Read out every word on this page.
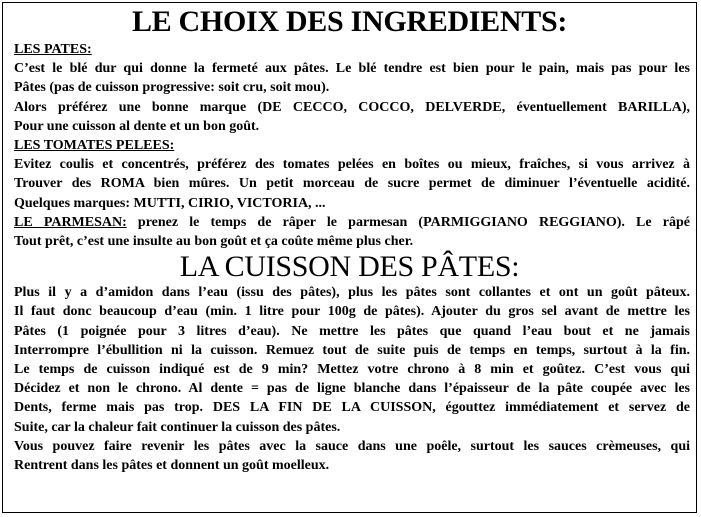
LE CHOIX DES INGREDIENTS:
LES PATES:
C’est le blé dur qui donne la fermeté aux pâtes. Le blé tendre est bien pour le pain, mais pas pour les
Pâtes (pas de cuisson progressive: soit cru, soit mou).
Alors préférez une bonne marque (DE CECCO, COCCO, DELVERDE, éventuellement BARILLA),
Pour une cuisson al dente et un bon goût.
LES TOMATES PELEES:
Evitez coulis et concentrés, préférez des tomates pelées en boîtes ou mieux, fraîches, si vous arrivez à
Trouver des ROMA bien mûres. Un petit morceau de sucre permet de diminuer l’éventuelle acidité.
Quelques marques: MUTTI, CIRIO, VICTORIA, ...
LE PARMESAN: prenez le temps de râper le parmesan (PARMIGGIANO REGGIANO). Le râpé
Tout prêt, c’est une insulte au bon goût et ça coûte même plus cher.
LA CUISSON DES PÂTES:
Plus il y a d’amidon dans l’eau (issu des pâtes), plus les pâtes sont collantes et ont un goût pâteux.
Il faut donc beaucoup d’eau (min. 1 litre pour 100g de pâtes). Ajouter du gros sel avant de mettre les
Pâtes (1 poignée pour 3 litres d’eau). Ne mettre les pâtes que quand l’eau bout et ne jamais
Interrompre l’ébullition ni la cuisson. Remuez tout de suite puis de temps en temps, surtout à la fin.
Le temps de cuisson indiqué est de 9 min? Mettez votre chrono à 8 min et goûtez. C’est vous qui
Décidez et non le chrono. Al dente = pas de ligne blanche dans l’épaisseur de la pâte coupée avec les
Dents, ferme mais pas trop. DES LA FIN DE LA CUISSON, égouttez immédiatement et servez de
Suite, car la chaleur fait continuer la cuisson des pâtes.
Vous pouvez faire revenir les pâtes avec la sauce dans une poêle, surtout les sauces crèmeuses, qui
Rentrent dans les pâtes et donnent un goût moelleux.
